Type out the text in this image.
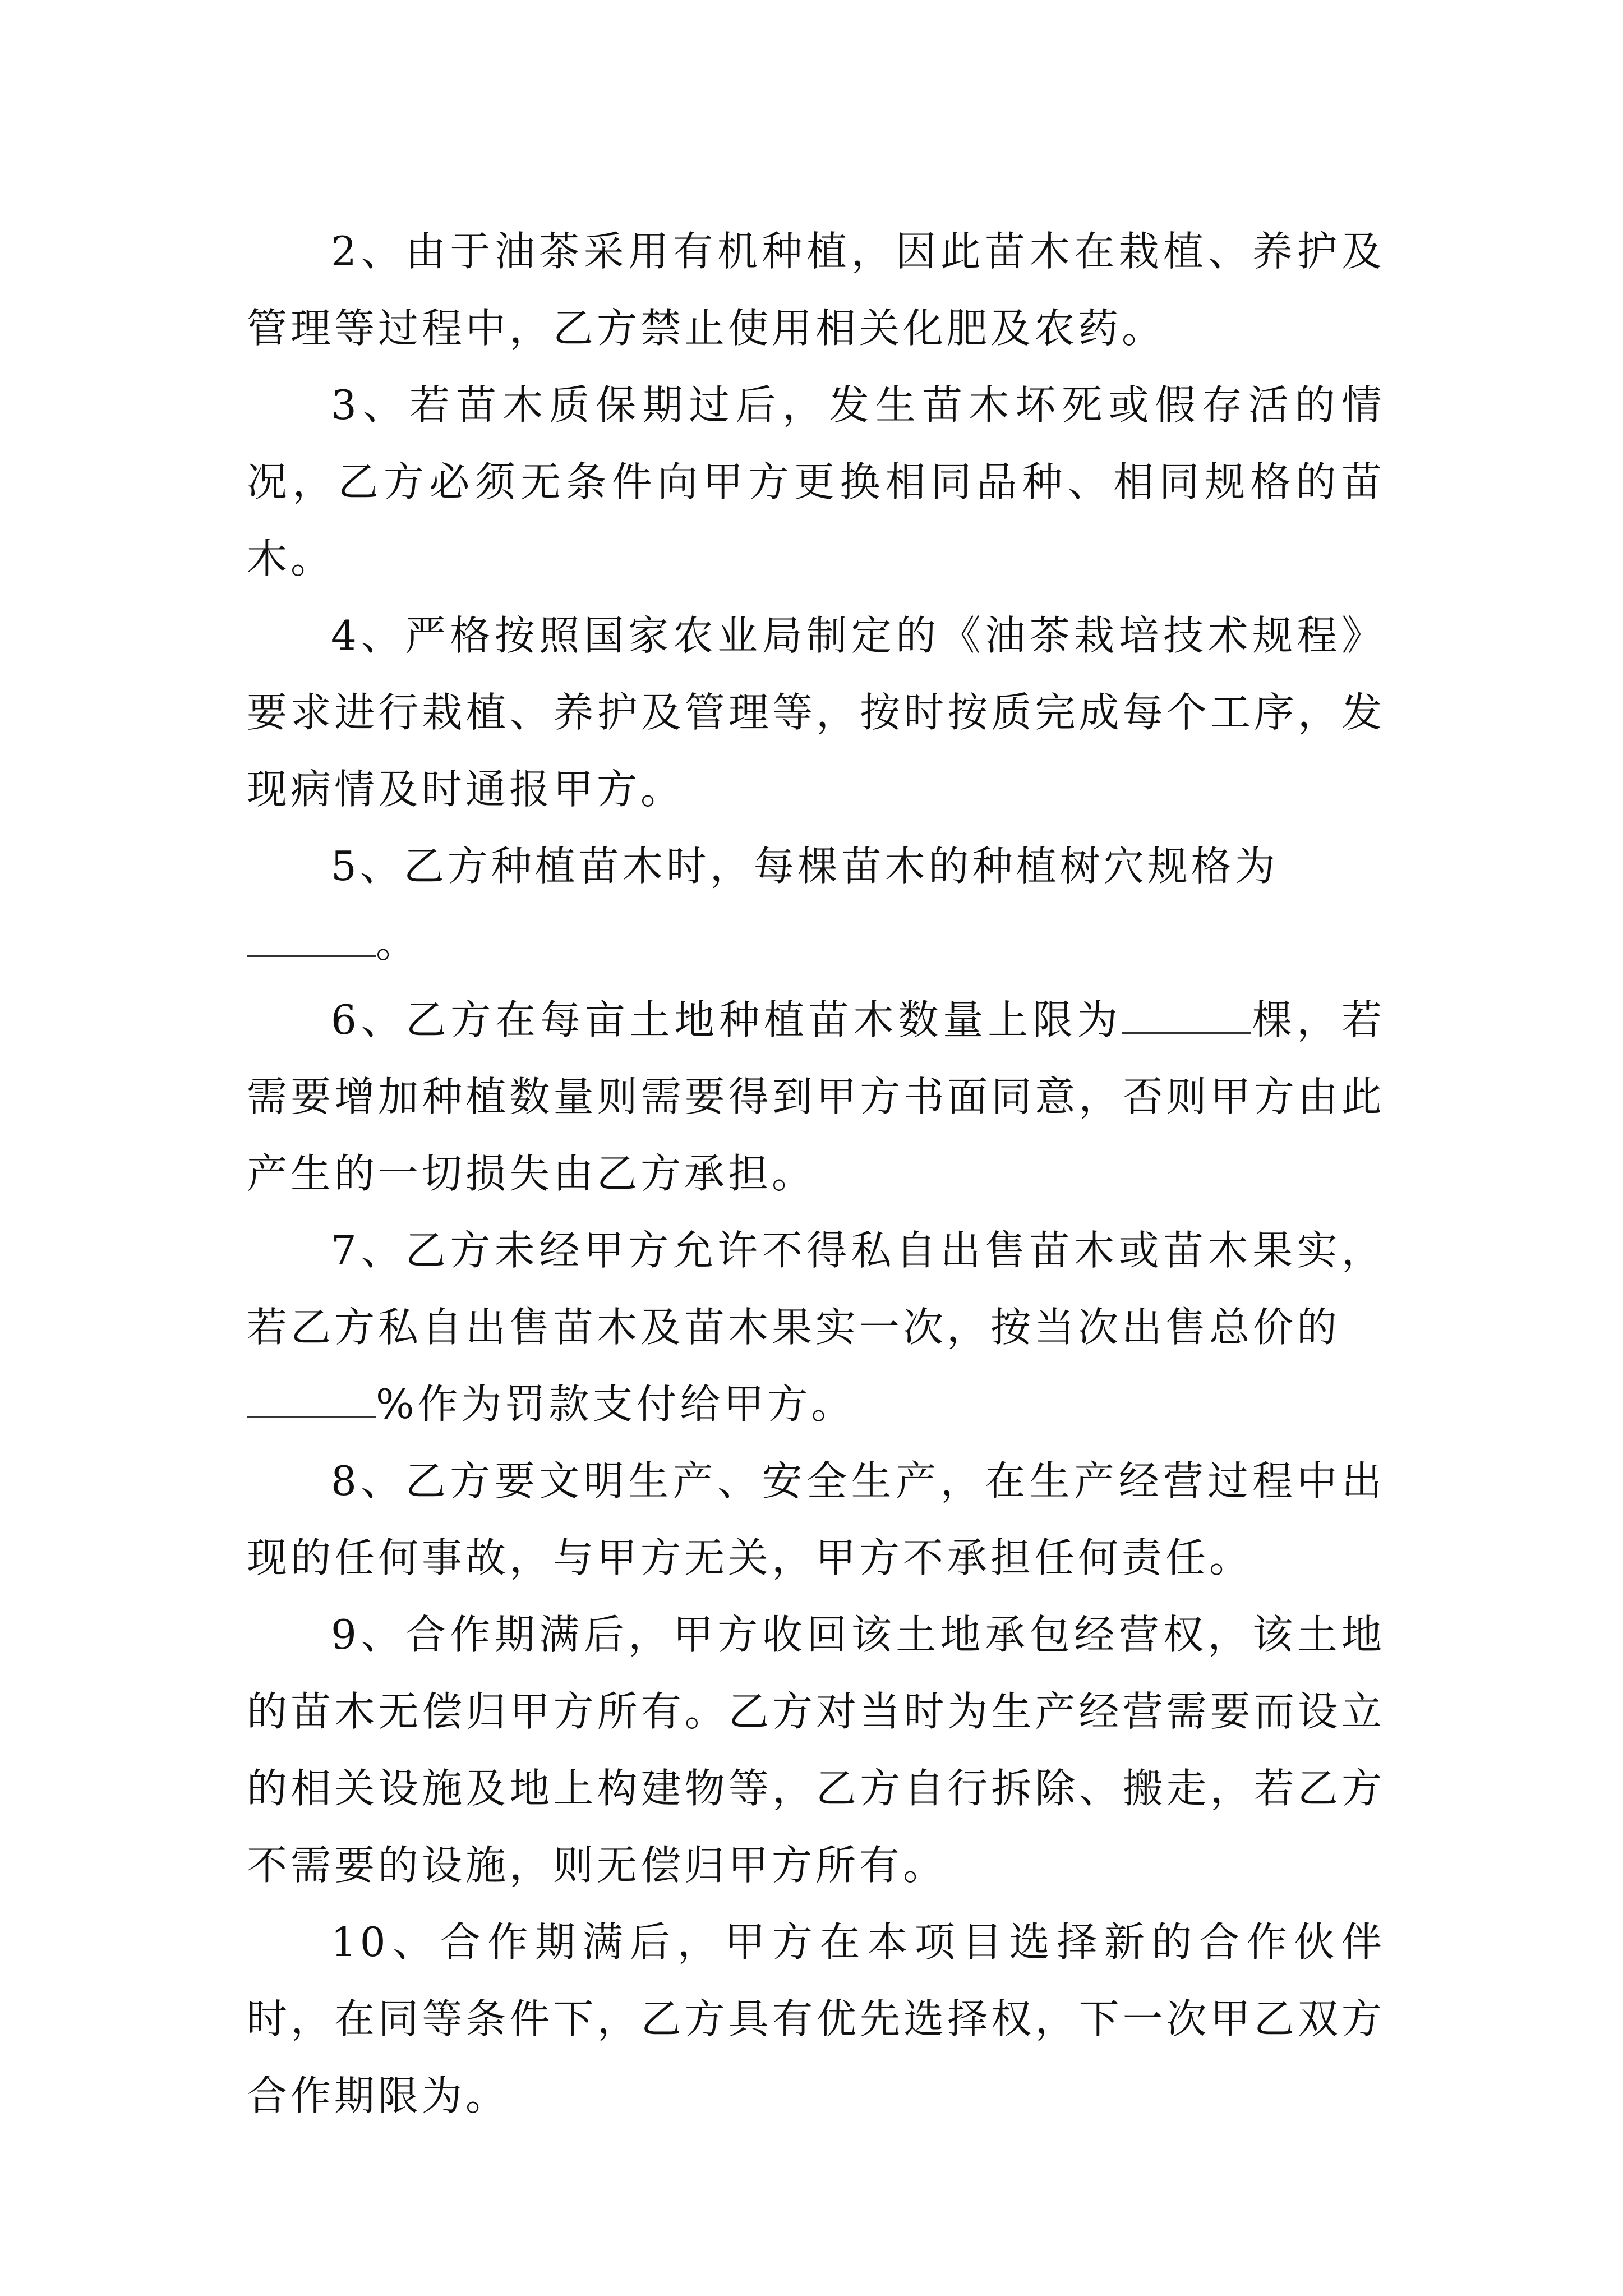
2、由于油茶采用有机种植，因此苗木在栽植、养护及管理等过程中，乙方禁止使用相关化肥及农药。

3、若苗木质保期过后，发生苗木坏死或假存活的情况，乙方必须无条件向甲方更换相同品种、相同规格的苗木。

4、严格按照国家农业局制定的《油茶栽培技术规程》要求进行栽植、养护及管理等，按时按质完成每个工序，发现病情及时通报甲方。

5、乙方种植苗木时，每棵苗木的种植树穴规格为
。

6、乙方在每亩土地种植苗木数量上限为	棵，若需要增加种植数量则需要得到甲方书面同意，否则甲方由此产生的一切损失由乙方承担。

7、乙方未经甲方允许不得私自出售苗木或苗木果实，若乙方私自出售苗木及苗木果实一次，按当次出售总价的
%作为罚款支付给甲方。

8、乙方要文明生产、安全生产，在生产经营过程中出现的任何事故，与甲方无关，甲方不承担任何责任。

9、合作期满后，甲方收回该土地承包经营权，该土地的苗木无偿归甲方所有。乙方对当时为生产经营需要而设立的相关设施及地上构建物等，乙方自行拆除、搬走，若乙方不需要的设施，则无偿归甲方所有。

10、合作期满后，甲方在本项目选择新的合作伙伴时，在同等条件下，乙方具有优先选择权，下一次甲乙双方合作期限为。
